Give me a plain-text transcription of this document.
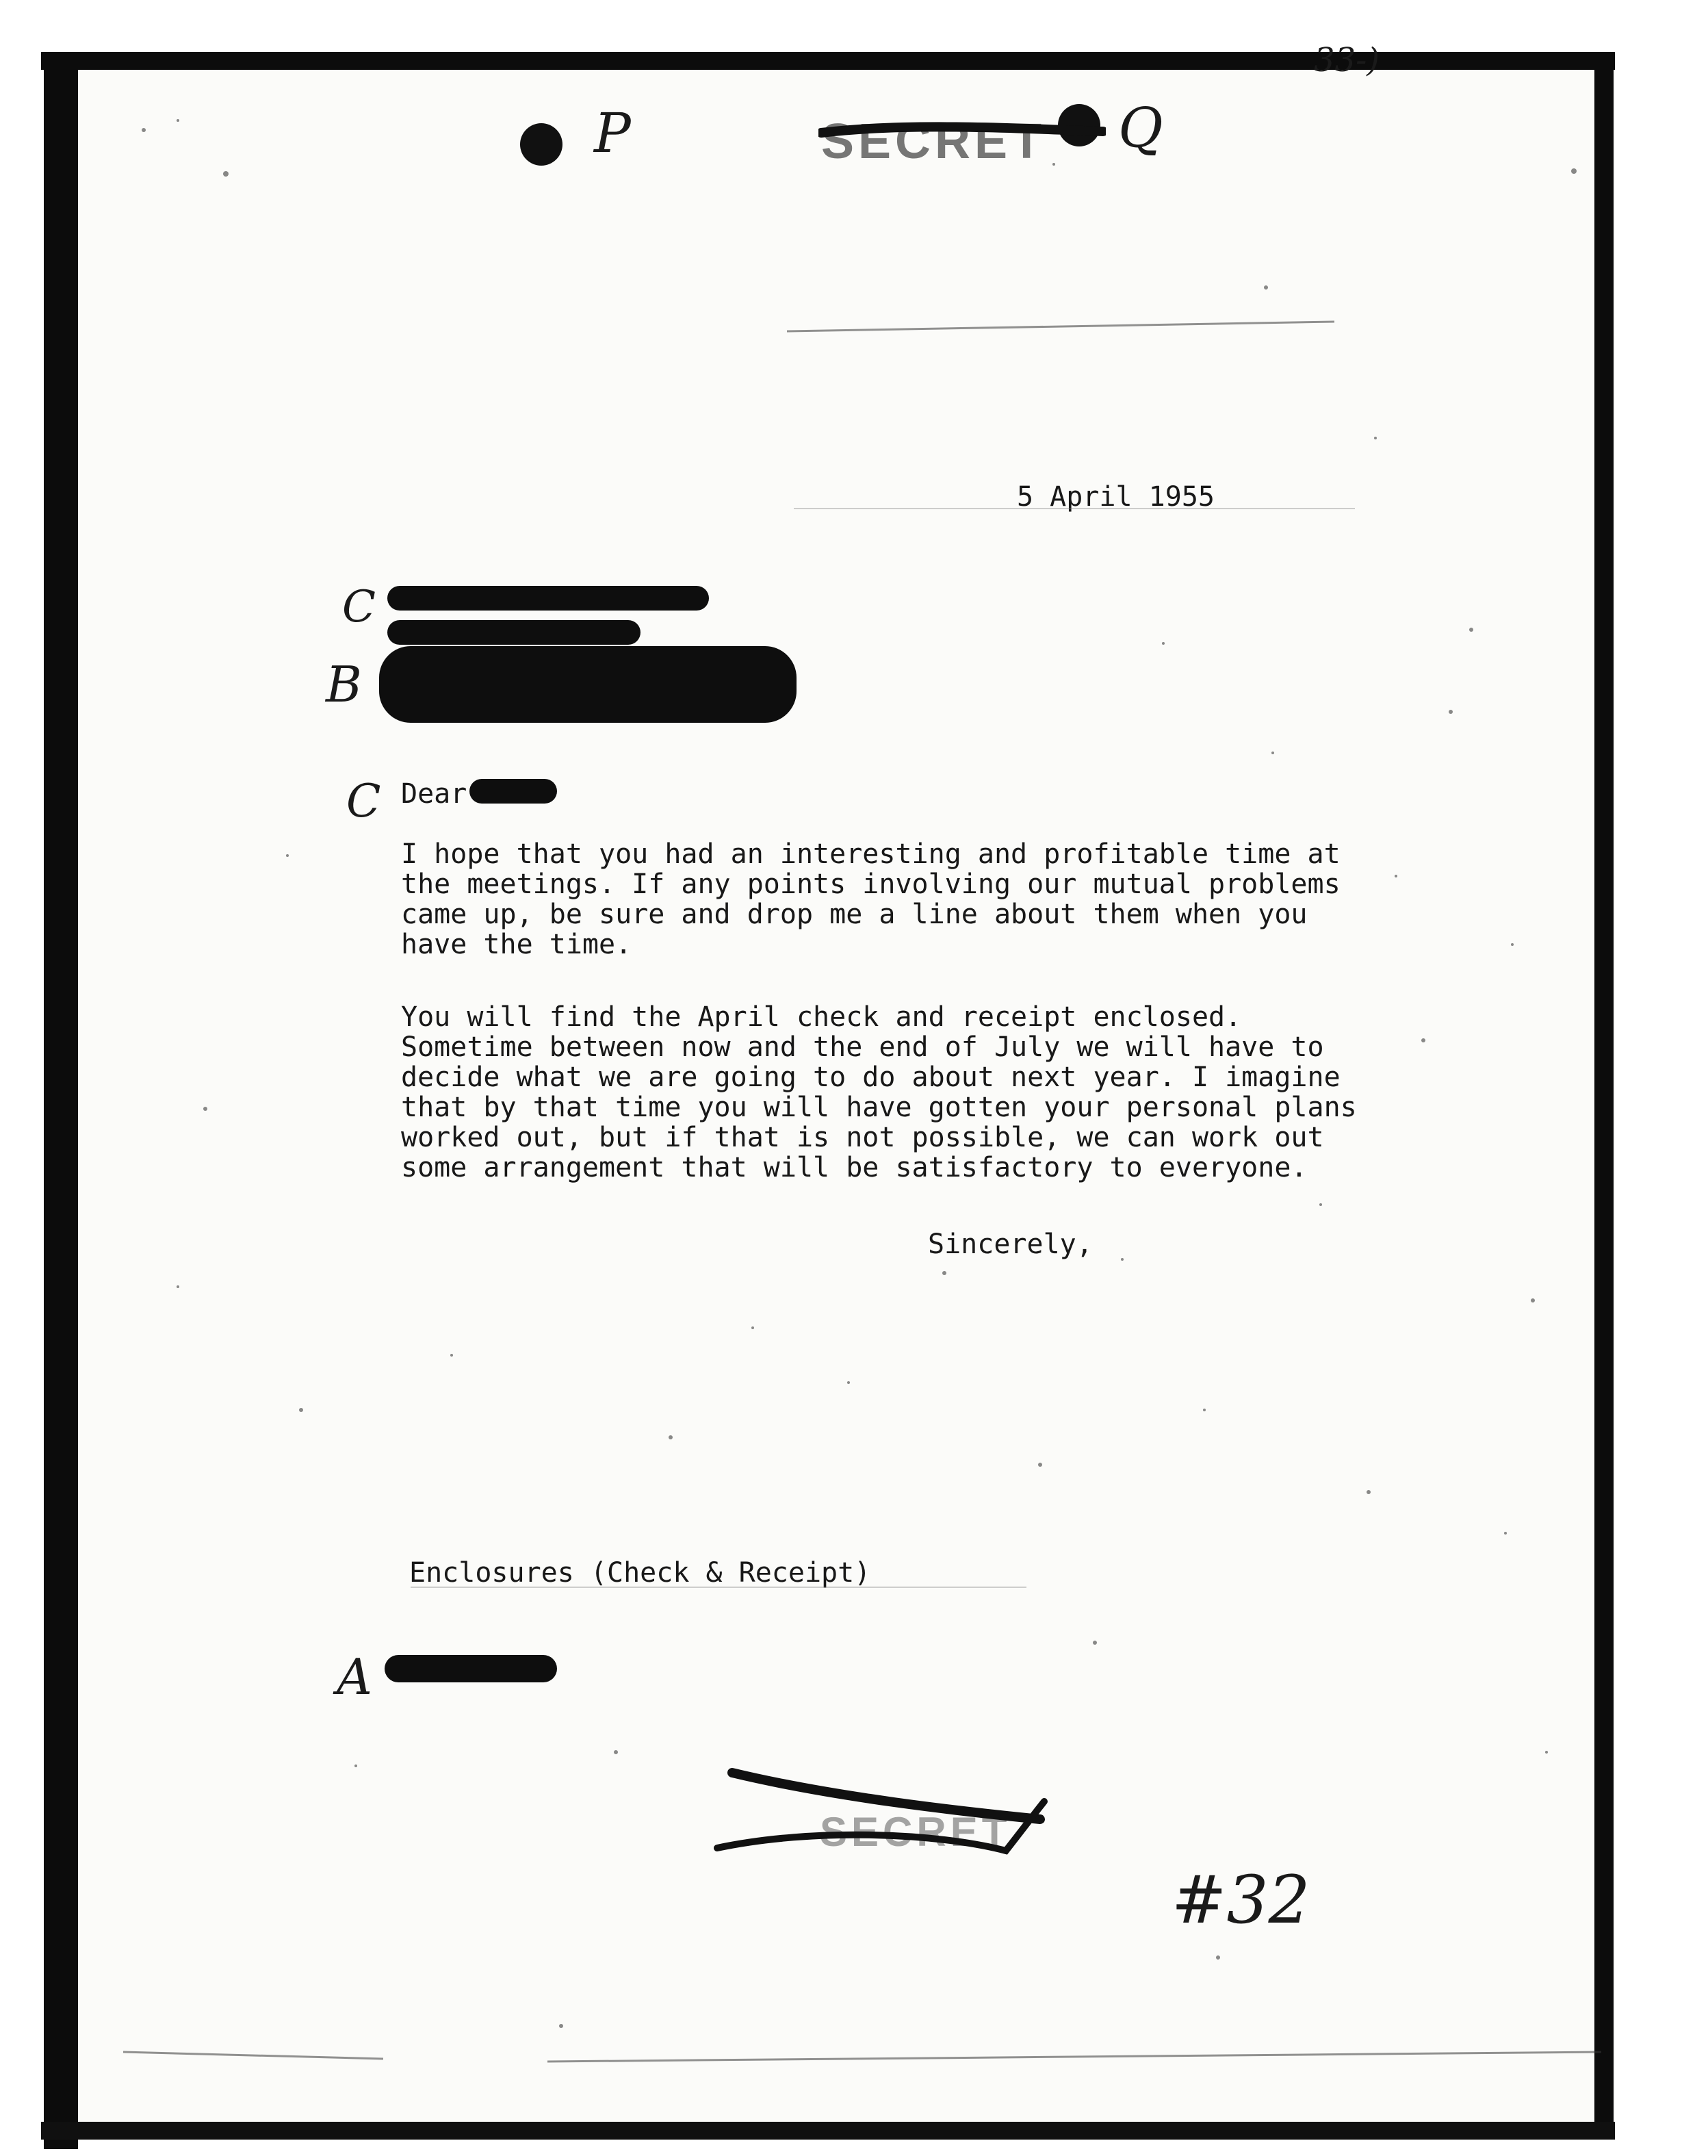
33-)
P	Q
SECRET
5 April 1955
C
B
C Dear
I hope that you had an interesting and profitable time at the meetings. If any points involving our mutual problems came up, be sure and drop me a line about them when you have the time.
You will find the April check and receipt enclosed. Sometime between now and the end of July we will have to decide what we are going to do about next year. I imagine that by that time you will have gotten your personal plans worked out, but if that is not possible, we can work out some arrangement that will be satisfactory to everyone.
Sincerely,
Enclosures (Check & Receipt)
A
SECRET
#32
